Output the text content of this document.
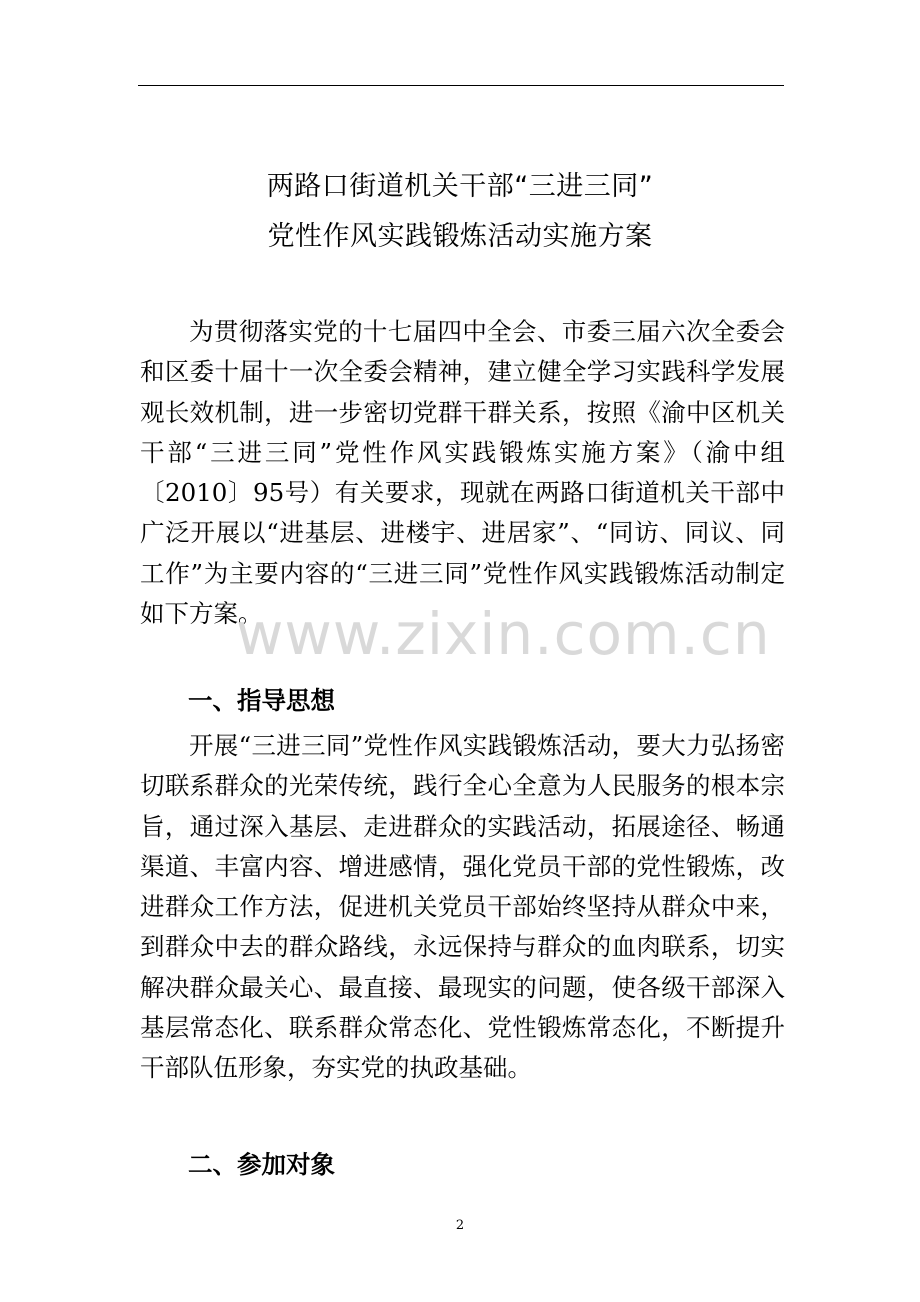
两路口街道机关干部“三进三同”
党性作风实践锻炼活动实施方案
为贯彻落实党的十七届四中全会、市委三届六次全委会和区委十届十一次全委会精神，建立健全学习实践科学发展观长效机制，进一步密切党群干群关系，按照《渝中区机关干部“三进三同”党性作风实践锻炼实施方案》（渝中组〔2010〕95号）有关要求，现就在两路口街道机关干部中广泛开展以“进基层、进楼宇、进居家”、“同访、同议、同工作”为主要内容的“三进三同”党性作风实践锻炼活动制定如下方案。
一、指导思想
开展“三进三同”党性作风实践锻炼活动，要大力弘扬密切联系群众的光荣传统，践行全心全意为人民服务的根本宗旨，通过深入基层、走进群众的实践活动，拓展途径、畅通渠道、丰富内容、增进感情，强化党员干部的党性锻炼，改进群众工作方法，促进机关党员干部始终坚持从群众中来，到群众中去的群众路线，永远保持与群众的血肉联系，切实解决群众最关心、最直接、最现实的问题，使各级干部深入基层常态化、联系群众常态化、党性锻炼常态化，不断提升干部队伍形象，夯实党的执政基础。
二、参加对象
www.zixin.com.cn
2
